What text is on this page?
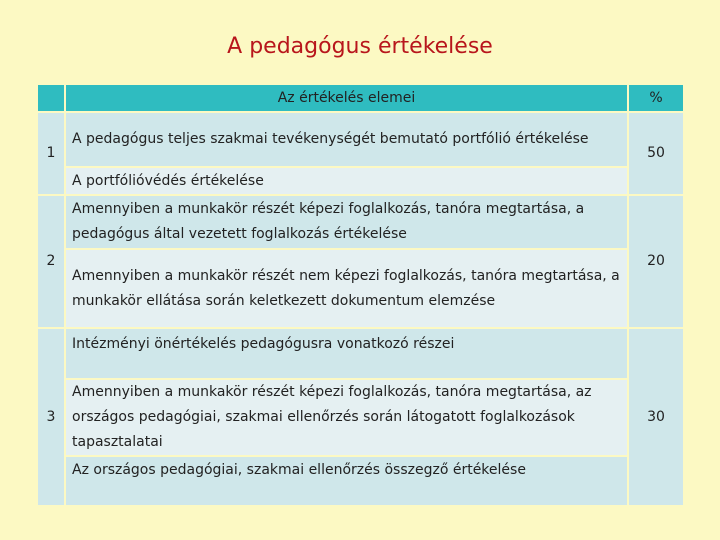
A pedagógus értékelése
	Az értékelés elemei	%
1	A pedagógus teljes szakmai tevékenységét bemutató portfólió értékelése	50
	A portfólióvédés értékelése	
2	Amennyiben a munkakör részét képezi foglalkozás, tanóra megtartása, a pedagógus által vezetett foglalkozás értékelése	20
	Amennyiben a munkakör részét nem képezi foglalkozás, tanóra megtartása, a munkakör ellátása során keletkezett dokumentum elemzése	
3	Intézményi önértékelés pedagógusra vonatkozó részei	30
	Amennyiben a munkakör részét képezi foglalkozás, tanóra megtartása, az országos pedagógiai, szakmai ellenőrzés során látogatott foglalkozások tapasztalatai	
	Az országos pedagógiai, szakmai ellenőrzés összegző értékelése	
